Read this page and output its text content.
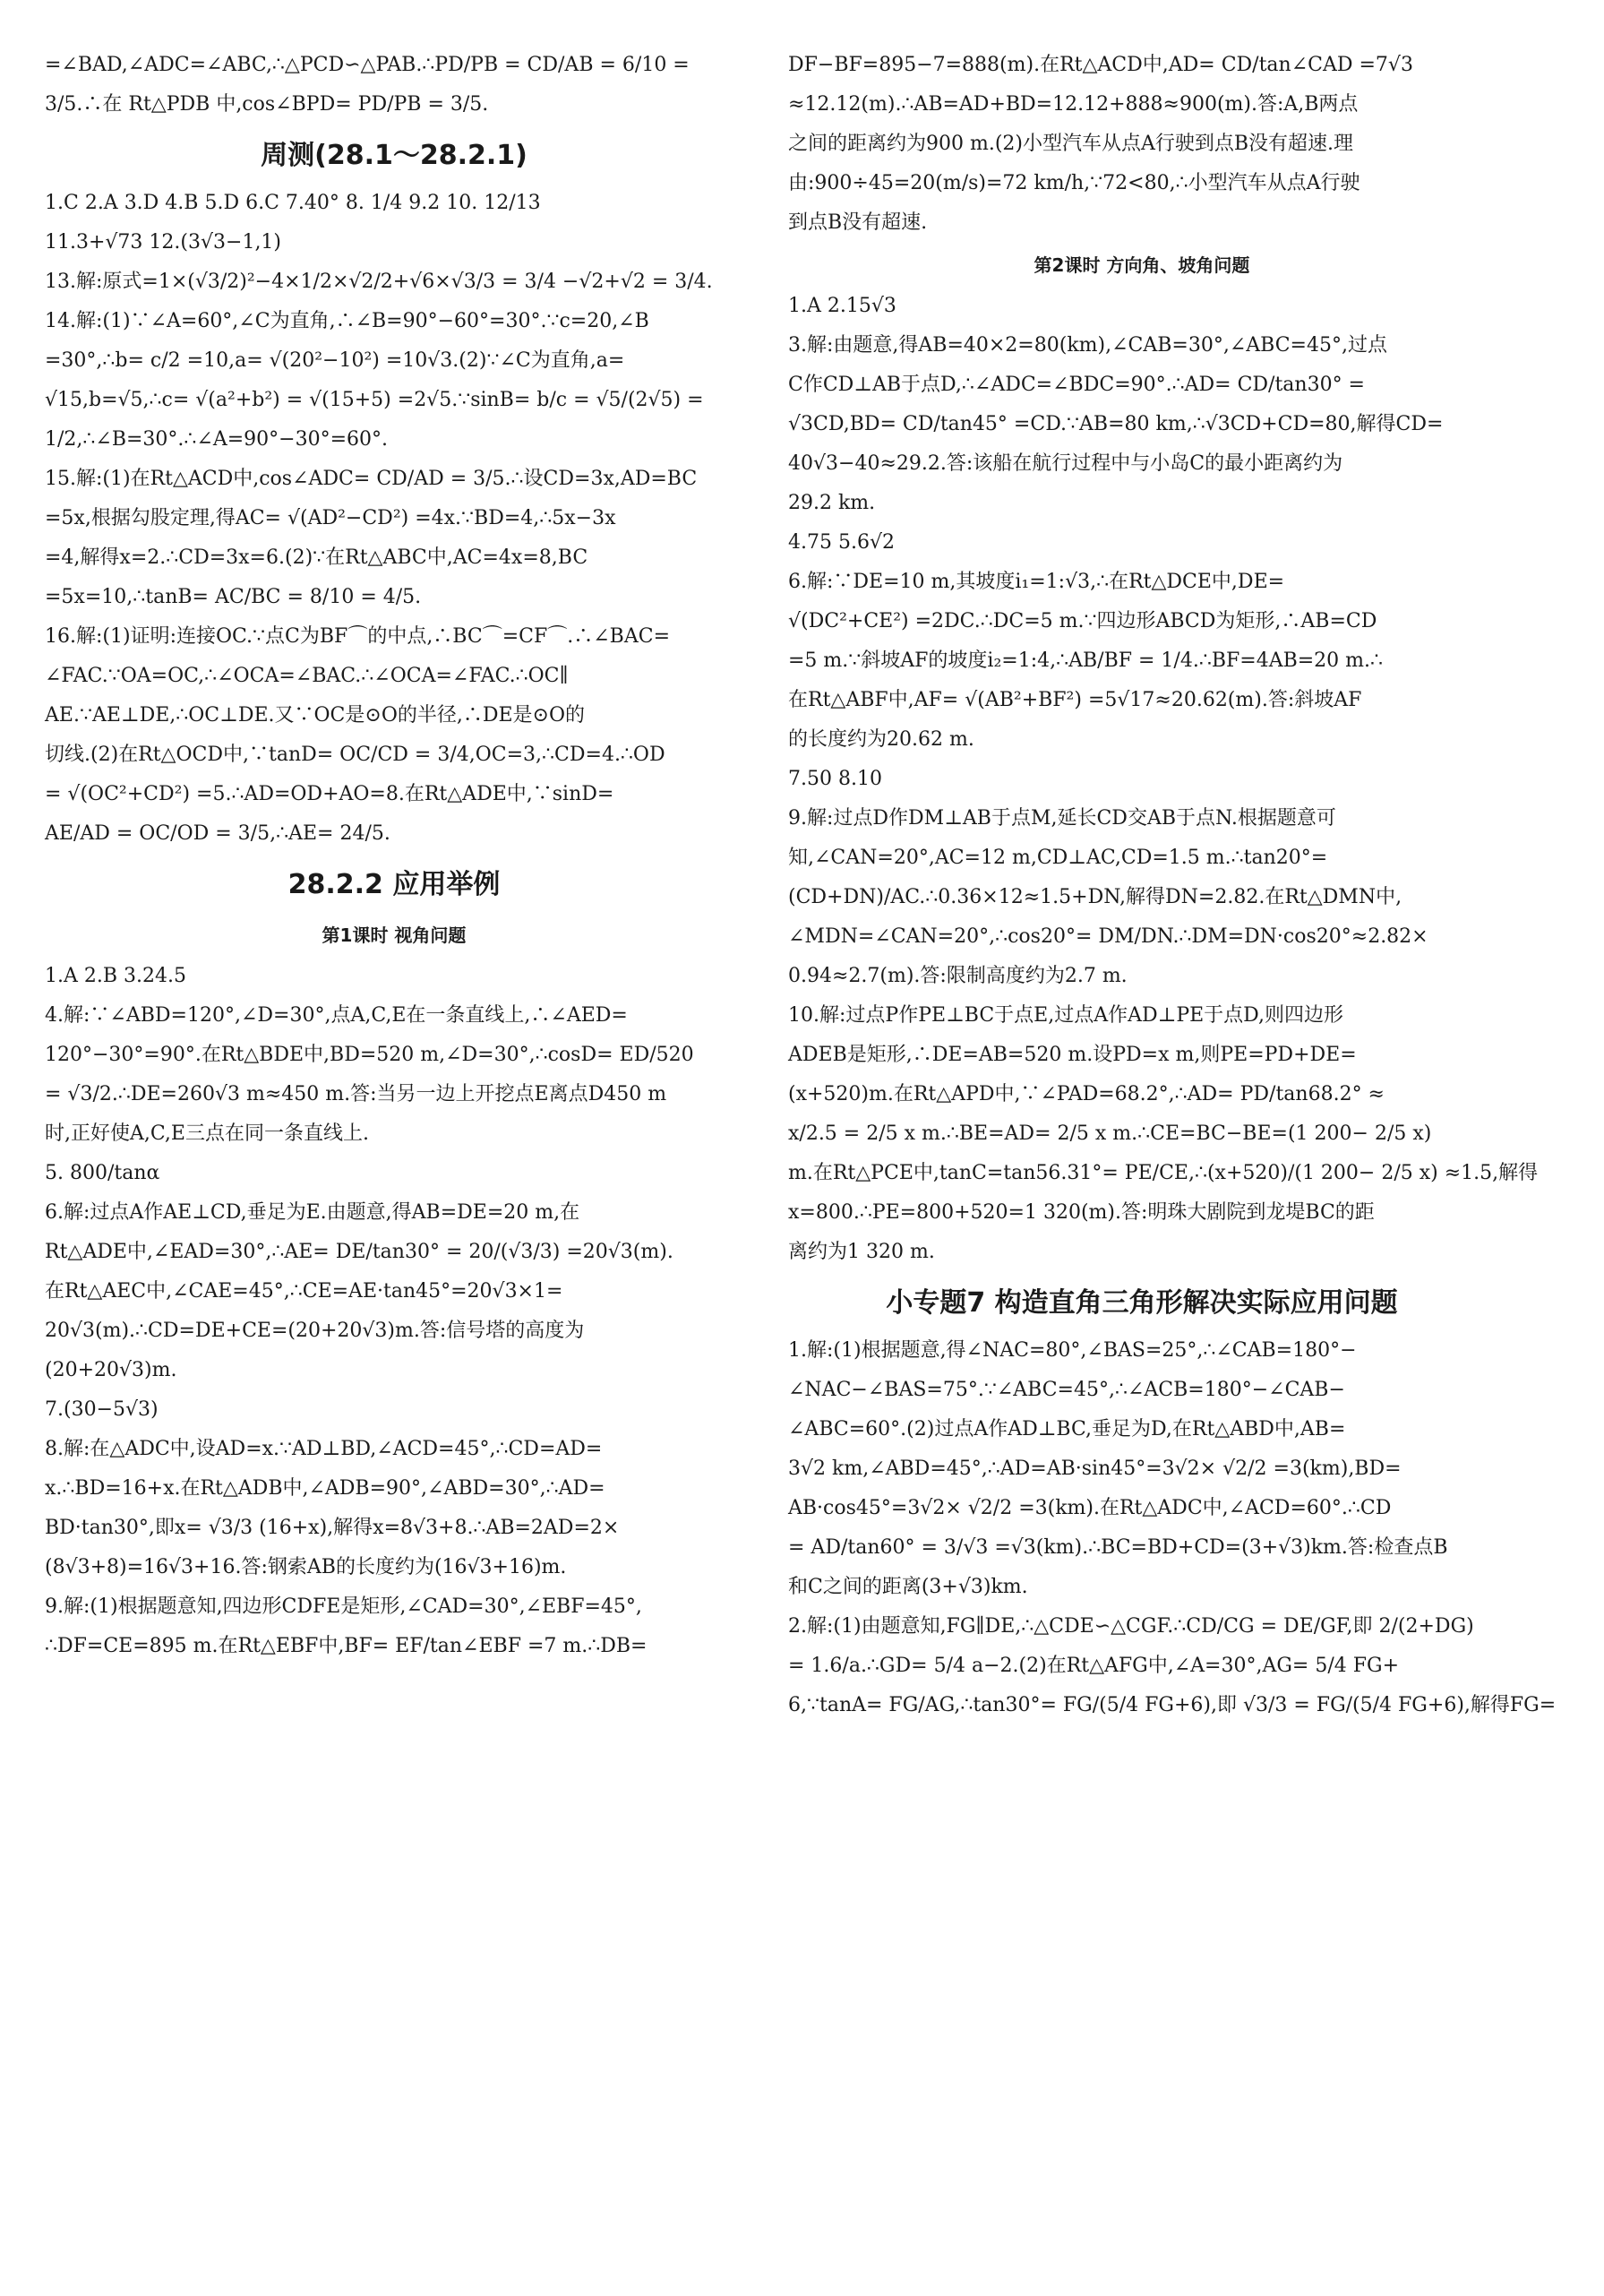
=∠BAD,∠ADC=∠ABC,∴△PCD∽△PAB.∴PD/PB = CD/AB = 6/10 =
3/5.∴在 Rt△PDB 中,cos∠BPD= PD/PB = 3/5.
周测(28.1～28.2.1)
1.C 2.A 3.D 4.B 5.D 6.C 7.40° 8. 1/4 9.2 10. 12/13
11.3+√73 12.(3√3−1,1)
13.解:原式=1×(√3/2)²−4×1/2×√2/2+√6×√3/3 = 3/4 −√2+√2 = 3/4.
14.解:(1)∵∠A=60°,∠C为直角,∴∠B=90°−60°=30°.∵c=20,∠B
=30°,∴b= c/2 =10,a= √(20²−10²) =10√3.(2)∵∠C为直角,a=
√15,b=√5,∴c= √(a²+b²) = √(15+5) =2√5.∵sinB= b/c = √5/(2√5) =
1/2,∴∠B=30°.∴∠A=90°−30°=60°.
15.解:(1)在Rt△ACD中,cos∠ADC= CD/AD = 3/5.∴设CD=3x,AD=BC
=5x,根据勾股定理,得AC= √(AD²−CD²) =4x.∵BD=4,∴5x−3x
=4,解得x=2.∴CD=3x=6.(2)∵在Rt△ABC中,AC=4x=8,BC
=5x=10,∴tanB= AC/BC = 8/10 = 4/5.
16.解:(1)证明:连接OC.∵点C为BF⌒的中点,∴BC⌒=CF⌒.∴∠BAC=
∠FAC.∵OA=OC,∴∠OCA=∠BAC.∴∠OCA=∠FAC.∴OC∥
AE.∵AE⊥DE,∴OC⊥DE.又∵OC是⊙O的半径,∴DE是⊙O的
切线.(2)在Rt△OCD中,∵tanD= OC/CD = 3/4,OC=3,∴CD=4.∴OD
= √(OC²+CD²) =5.∴AD=OD+AO=8.在Rt△ADE中,∵sinD=
AE/AD = OC/OD = 3/5,∴AE= 24/5.
28.2.2 应用举例
第1课时 视角问题
1.A 2.B 3.24.5
4.解:∵∠ABD=120°,∠D=30°,点A,C,E在一条直线上,∴∠AED=
120°−30°=90°.在Rt△BDE中,BD=520 m,∠D=30°,∴cosD= ED/520
= √3/2.∴DE=260√3 m≈450 m.答:当另一边上开挖点E离点D450 m
时,正好使A,C,E三点在同一条直线上.
5. 800/tanα
6.解:过点A作AE⊥CD,垂足为E.由题意,得AB=DE=20 m,在
Rt△ADE中,∠EAD=30°,∴AE= DE/tan30° = 20/(√3/3) =20√3(m).
在Rt△AEC中,∠CAE=45°,∴CE=AE·tan45°=20√3×1=
20√3(m).∴CD=DE+CE=(20+20√3)m.答:信号塔的高度为
(20+20√3)m.
7.(30−5√3)
8.解:在△ADC中,设AD=x.∵AD⊥BD,∠ACD=45°,∴CD=AD=
x.∴BD=16+x.在Rt△ADB中,∠ADB=90°,∠ABD=30°,∴AD=
BD·tan30°,即x= √3/3 (16+x),解得x=8√3+8.∴AB=2AD=2×
(8√3+8)=16√3+16.答:钢索AB的长度约为(16√3+16)m.
9.解:(1)根据题意知,四边形CDFE是矩形,∠CAD=30°,∠EBF=45°,
∴DF=CE=895 m.在Rt△EBF中,BF= EF/tan∠EBF =7 m.∴DB=
DF−BF=895−7=888(m).在Rt△ACD中,AD= CD/tan∠CAD =7√3
≈12.12(m).∴AB=AD+BD=12.12+888≈900(m).答:A,B两点
之间的距离约为900 m.(2)小型汽车从点A行驶到点B没有超速.理
由:900÷45=20(m/s)=72 km/h,∵72<80,∴小型汽车从点A行驶
到点B没有超速.
第2课时 方向角、坡角问题
1.A 2.15√3
3.解:由题意,得AB=40×2=80(km),∠CAB=30°,∠ABC=45°,过点
C作CD⊥AB于点D,∴∠ADC=∠BDC=90°.∴AD= CD/tan30° =
√3CD,BD= CD/tan45° =CD.∵AB=80 km,∴√3CD+CD=80,解得CD=
40√3−40≈29.2.答:该船在航行过程中与小岛C的最小距离约为
29.2 km.
4.75 5.6√2
6.解:∵DE=10 m,其坡度i₁=1:√3,∴在Rt△DCE中,DE=
√(DC²+CE²) =2DC.∴DC=5 m.∵四边形ABCD为矩形,∴AB=CD
=5 m.∵斜坡AF的坡度i₂=1:4,∴AB/BF = 1/4.∴BF=4AB=20 m.∴
在Rt△ABF中,AF= √(AB²+BF²) =5√17≈20.62(m).答:斜坡AF
的长度约为20.62 m.
7.50 8.10
9.解:过点D作DM⊥AB于点M,延长CD交AB于点N.根据题意可
知,∠CAN=20°,AC=12 m,CD⊥AC,CD=1.5 m.∴tan20°=
(CD+DN)/AC.∴0.36×12≈1.5+DN,解得DN=2.82.在Rt△DMN中,
∠MDN=∠CAN=20°,∴cos20°= DM/DN.∴DM=DN·cos20°≈2.82×
0.94≈2.7(m).答:限制高度约为2.7 m.
10.解:过点P作PE⊥BC于点E,过点A作AD⊥PE于点D,则四边形
ADEB是矩形,∴DE=AB=520 m.设PD=x m,则PE=PD+DE=
(x+520)m.在Rt△APD中,∵∠PAD=68.2°,∴AD= PD/tan68.2° ≈
x/2.5 = 2/5 x m.∴BE=AD= 2/5 x m.∴CE=BC−BE=(1 200− 2/5 x)
m.在Rt△PCE中,tanC=tan56.31°= PE/CE,∴(x+520)/(1 200− 2/5 x) ≈1.5,解得
x=800.∴PE=800+520=1 320(m).答:明珠大剧院到龙堤BC的距
离约为1 320 m.
小专题7 构造直角三角形解决实际应用问题
1.解:(1)根据题意,得∠NAC=80°,∠BAS=25°,∴∠CAB=180°−
∠NAC−∠BAS=75°.∵∠ABC=45°,∴∠ACB=180°−∠CAB−
∠ABC=60°.(2)过点A作AD⊥BC,垂足为D,在Rt△ABD中,AB=
3√2 km,∠ABD=45°,∴AD=AB·sin45°=3√2× √2/2 =3(km),BD=
AB·cos45°=3√2× √2/2 =3(km).在Rt△ADC中,∠ACD=60°.∴CD
= AD/tan60° = 3/√3 =√3(km).∴BC=BD+CD=(3+√3)km.答:检查点B
和C之间的距离(3+√3)km.
2.解:(1)由题意知,FG∥DE,∴△CDE∽△CGF.∴CD/CG = DE/GF,即 2/(2+DG)
= 1.6/a.∴GD= 5/4 a−2.(2)在Rt△AFG中,∠A=30°,AG= 5/4 FG+
6,∵tanA= FG/AG,∴tan30°= FG/(5/4 FG+6),即 √3/3 = FG/(5/4 FG+6),解得FG=
